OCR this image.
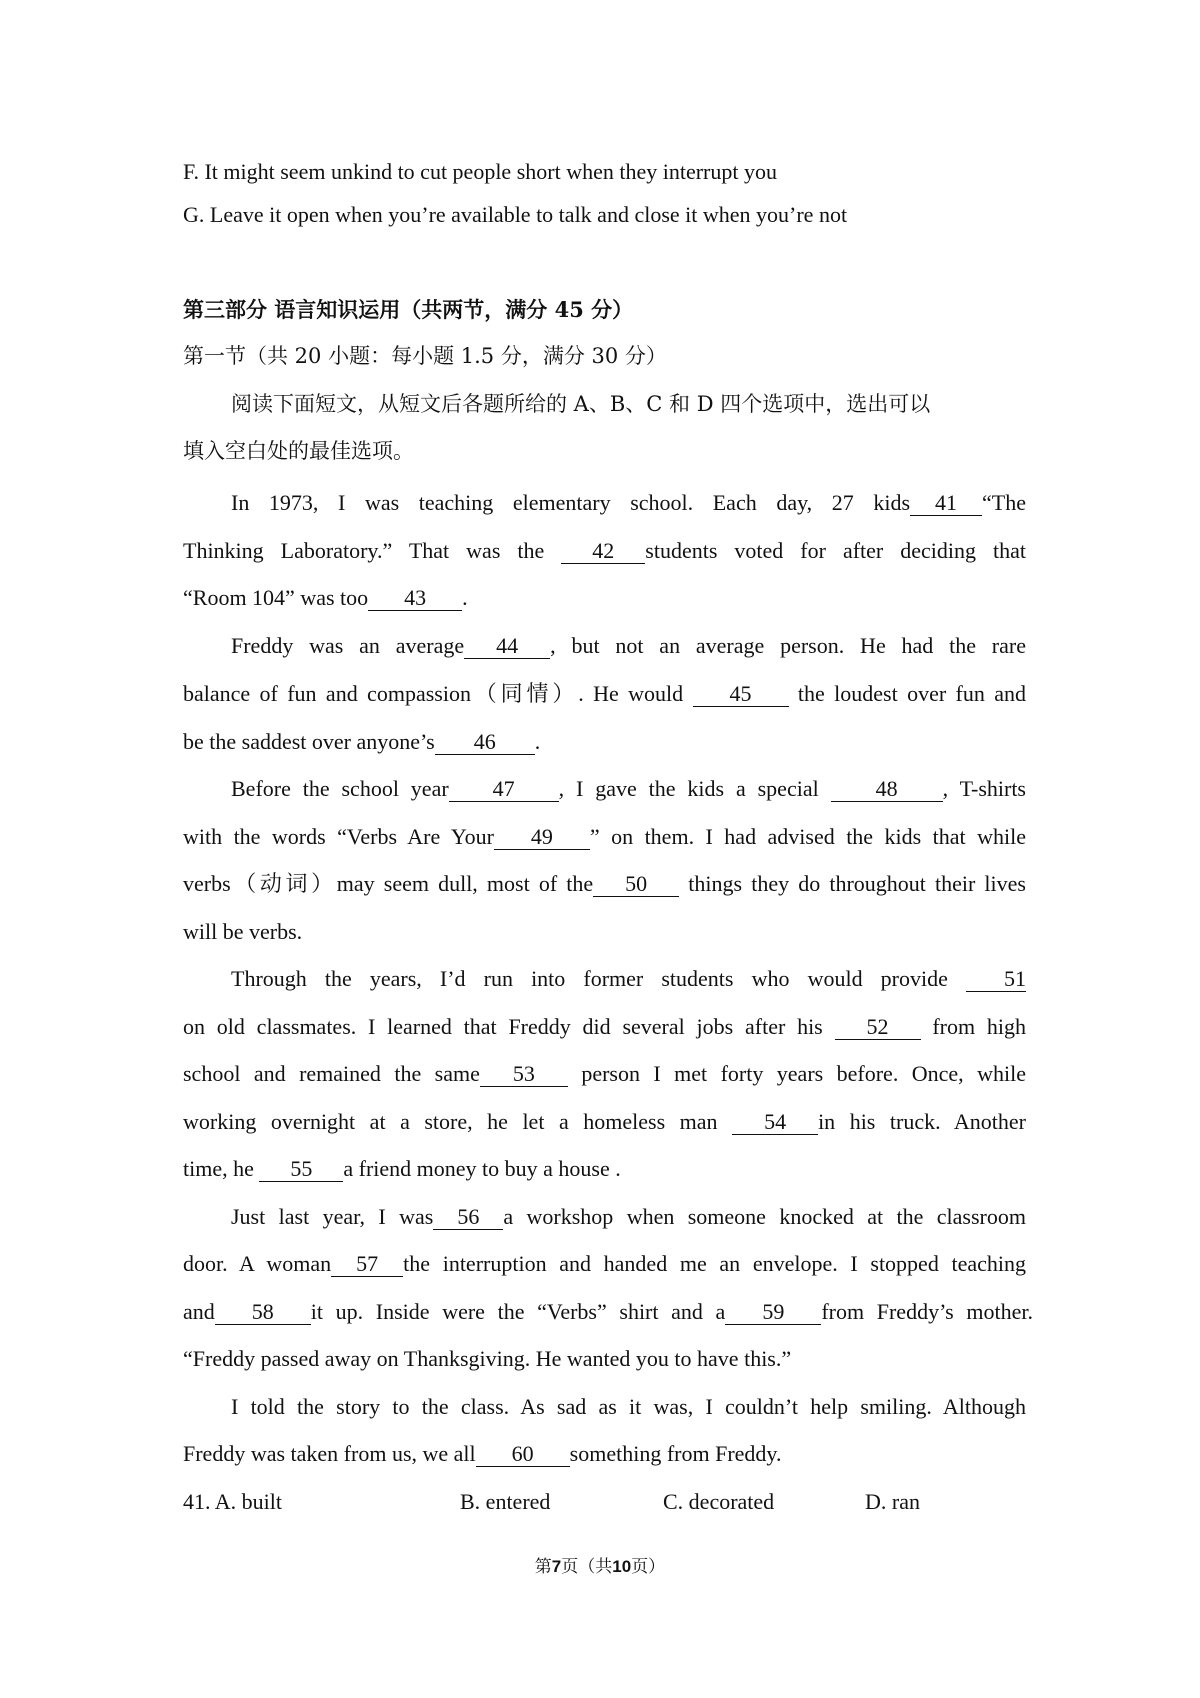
F. It might seem unkind to cut people short when they interrupt you
G. Leave it open when you’re available to talk and close it when you’re not
第三部分 语言知识运用（共两节，满分 45 分）
第一节（共 20 小题：每小题 1.5 分，满分 30 分）
阅读下面短文，从短文后各题所给的 A、B、C 和 D 四个选项中，选出可以
填入空白处的最佳选项。
In 1973, I was teaching elementary school. Each day, 27 kids 41 “The
Thinking Laboratory.” That was the 42 students voted for after deciding that
“Room 104” was too 43 .
Freddy was an average 44 , but not an average person. He had the rare
balance of fun and compassion（同情）. He would 45 the loudest over fun and
be the saddest over anyone’s 46 .
Before the school year 47 , I gave the kids a special	48 , T-shirts
with the words “Verbs Are Your 49 ” on them. I had advised the kids that while
verbs（动词）may seem dull, most of the 50 things they do throughout their lives
will be verbs.
Through the years, I’d run into former students who would provide	51
on old classmates. I learned that Freddy did several jobs after his 52 from high
school and remained the same 53 person I met forty years before. Once, while
working overnight at a store, he let a homeless man 54 in his truck. Another
time, he 55 a friend money to buy a house .
Just last year, I was 56 a workshop when someone knocked at the classroom
door. A woman 57 the interruption and handed me an envelope. I stopped teaching
and 58 it up. Inside were the “Verbs” shirt and a 59 from Freddy’s mother.
“Freddy passed away on Thanksgiving. He wanted you to have this.”
I told the story to the class. As sad as it was, I couldn’t help smiling. Although
Freddy was taken from us, we all 60 something from Freddy.
41. A. built	B. entered	C. decorated	D. ran
第7页（共10页）
